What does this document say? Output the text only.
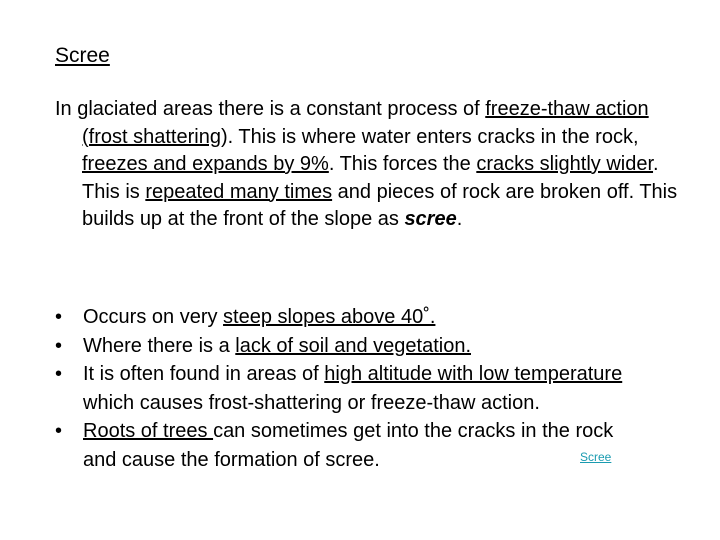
Scree
In glaciated areas there is a constant process of freeze-thaw action (frost shattering). This is where water enters cracks in the rock, freezes and expands by 9%. This forces the cracks slightly wider. This is repeated many times and pieces of rock are broken off. This builds up at the front of the slope as scree.
• Occurs on very steep slopes above 40˚.
• Where there is a lack of soil and vegetation.
• It is often found in areas of high altitude with low temperature which causes frost-shattering or freeze-thaw action.
• Roots of trees can sometimes get into the cracks in the rock and cause the formation of scree.	Scree
